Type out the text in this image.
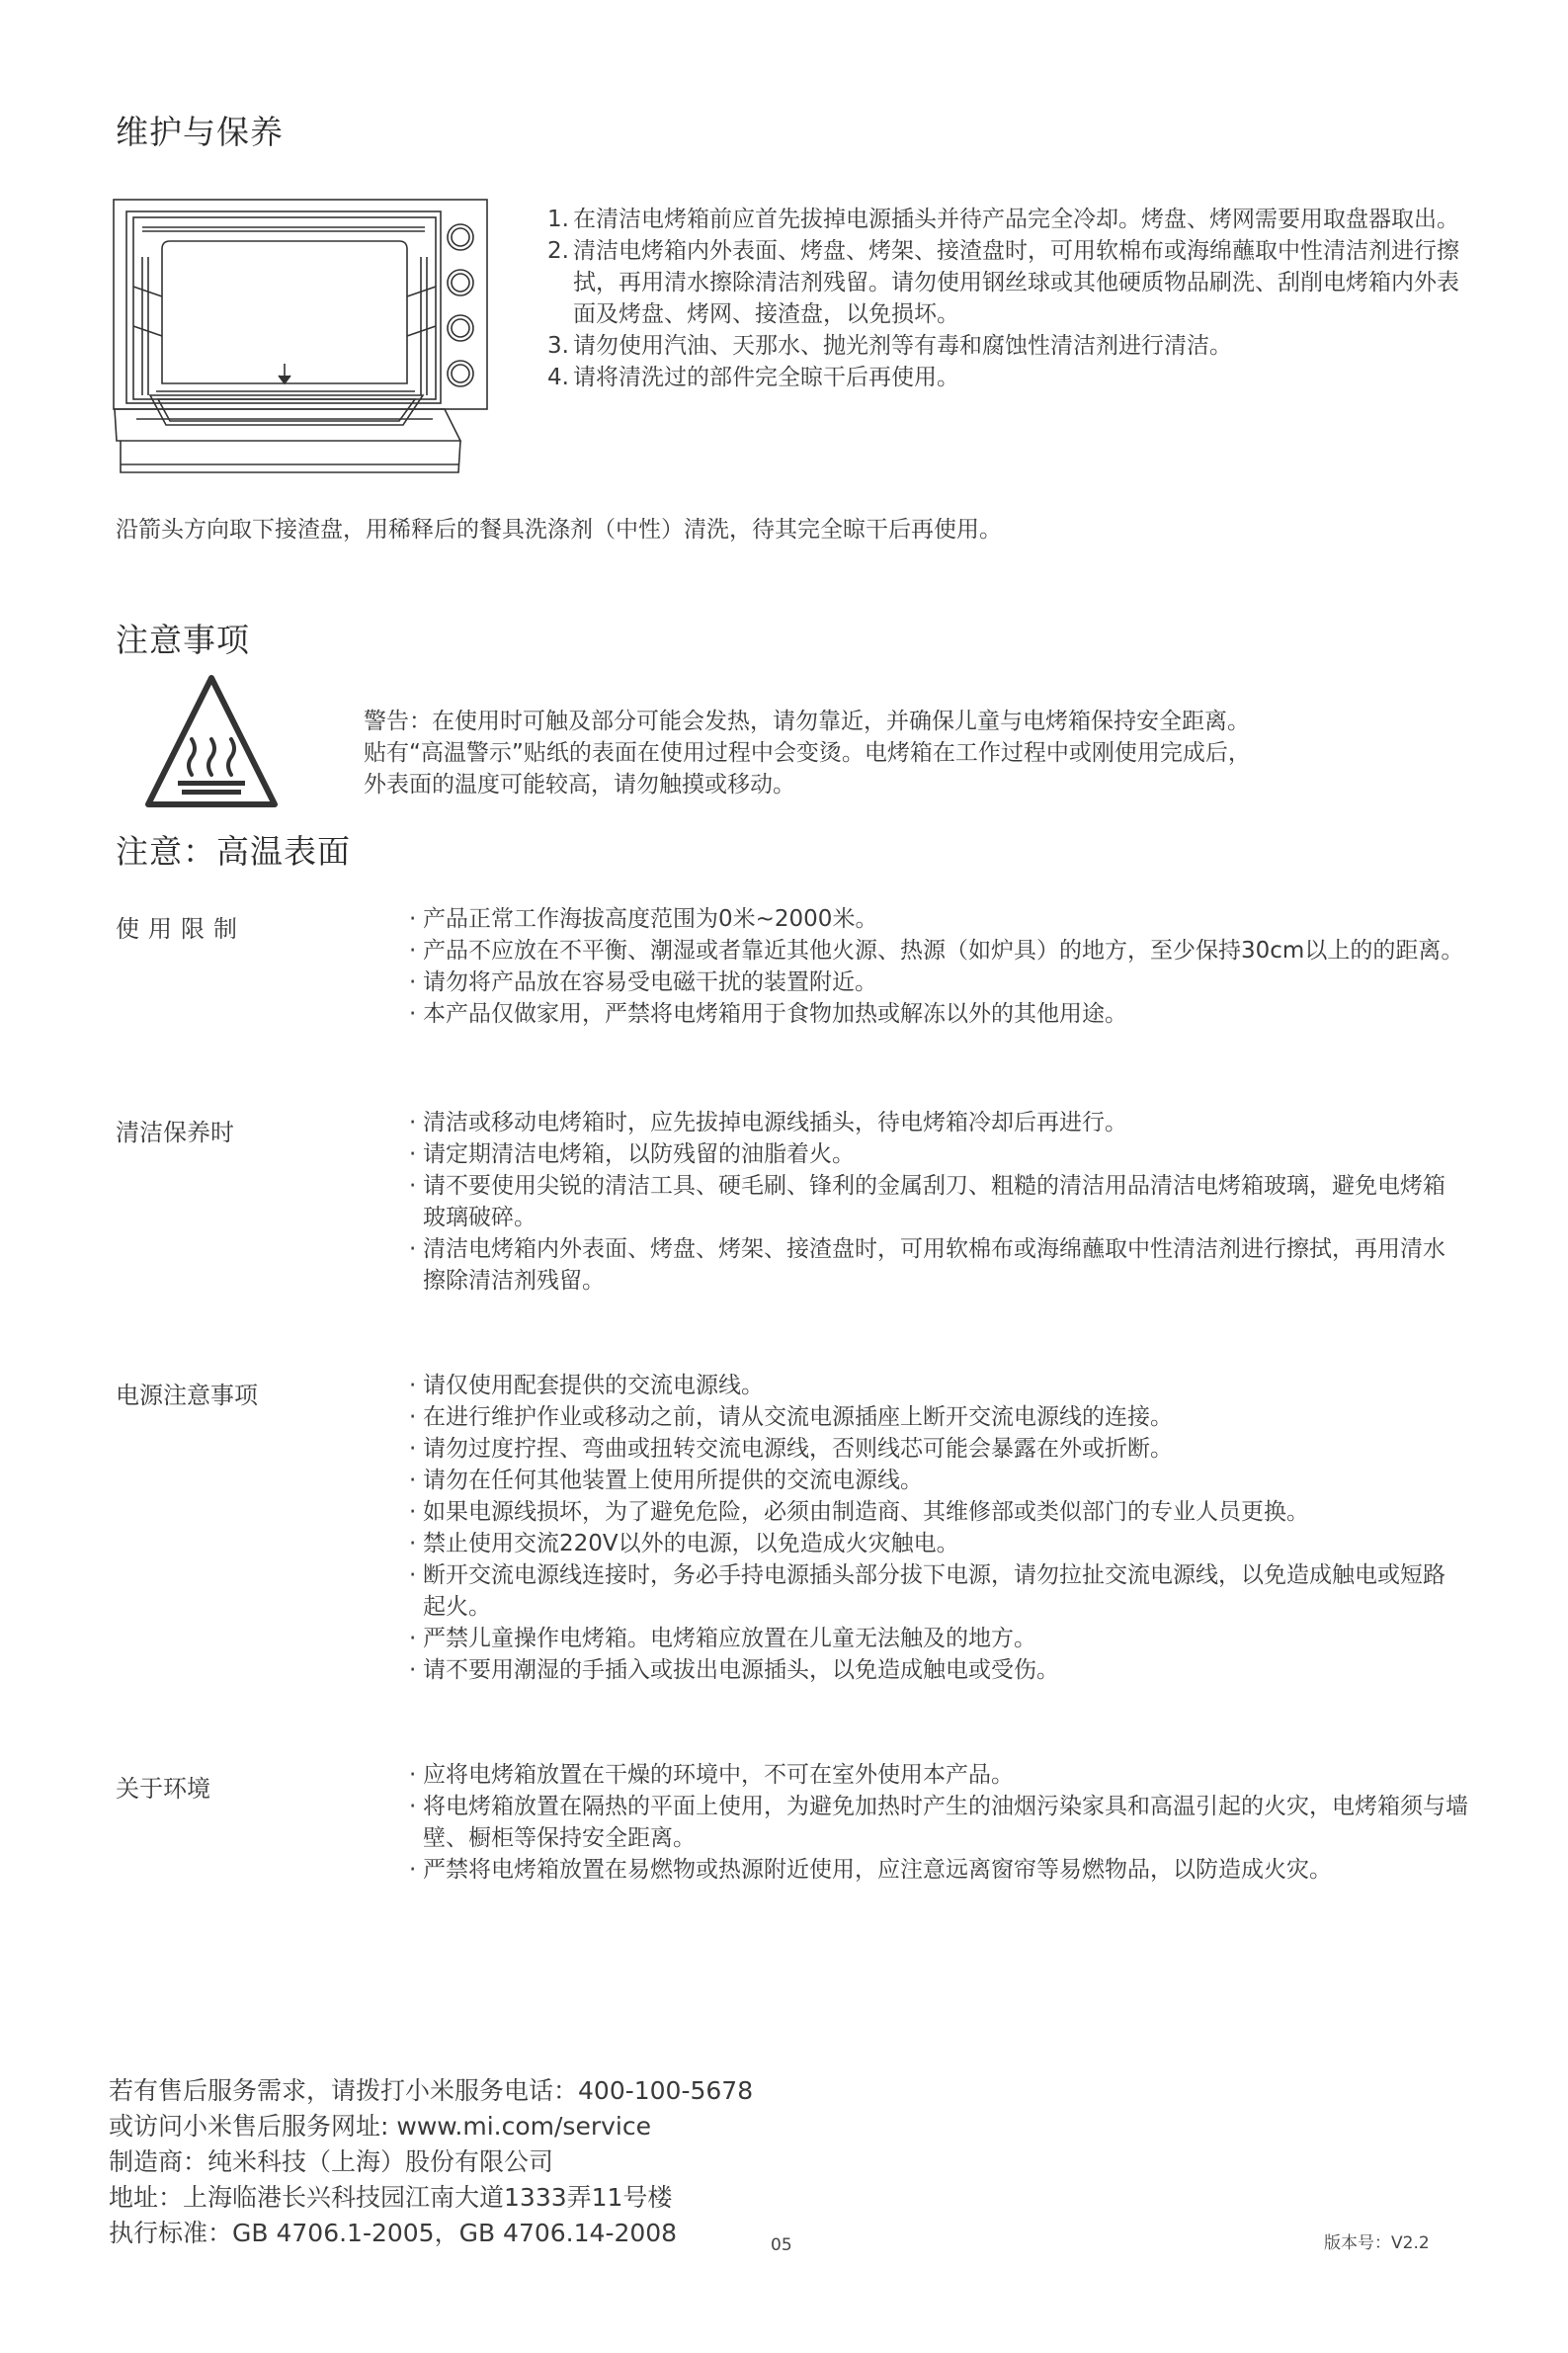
维护与保养
1. 在清洁电烤箱前应首先拔掉电源插头并待产品完全冷却。烤盘、烤网需要用取盘器取出。
2. 清洁电烤箱内外表面、烤盘、烤架、接渣盘时，可用软棉布或海绵蘸取中性清洁剂进行擦拭，再用清水擦除清洁剂残留。请勿使用钢丝球或其他硬质物品刷洗、刮削电烤箱内外表面及烤盘、烤网、接渣盘，以免损坏。
3. 请勿使用汽油、天那水、抛光剂等有毒和腐蚀性清洁剂进行清洁。
4. 请将清洗过的部件完全晾干后再使用。
沿箭头方向取下接渣盘，用稀释后的餐具洗涤剂（中性）清洗，待其完全晾干后再使用。
注意事项
警告：在使用时可触及部分可能会发热，请勿靠近，并确保儿童与电烤箱保持安全距离。
贴有“高温警示”贴纸的表面在使用过程中会变烫。电烤箱在工作过程中或刚使用完成后，
外表面的温度可能较高，请勿触摸或移动。
注意：高温表面
使用限制	· 产品正常工作海拔高度范围为0米~2000米。
· 产品不应放在不平衡、潮湿或者靠近其他火源、热源（如炉具）的地方，至少保持30cm以上的的距离。
· 请勿将产品放在容易受电磁干扰的装置附近。
· 本产品仅做家用，严禁将电烤箱用于食物加热或解冻以外的其他用途。
清洁保养时	· 清洁或移动电烤箱时，应先拔掉电源线插头，待电烤箱冷却后再进行。
· 请定期清洁电烤箱，以防残留的油脂着火。
· 请不要使用尖锐的清洁工具、硬毛刷、锋利的金属刮刀、粗糙的清洁用品清洁电烤箱玻璃，避免电烤箱玻璃破碎。
· 清洁电烤箱内外表面、烤盘、烤架、接渣盘时，可用软棉布或海绵蘸取中性清洁剂进行擦拭，再用清水擦除清洁剂残留。
电源注意事项	· 请仅使用配套提供的交流电源线。
· 在进行维护作业或移动之前，请从交流电源插座上断开交流电源线的连接。
· 请勿过度拧捏、弯曲或扭转交流电源线，否则线芯可能会暴露在外或折断。
· 请勿在任何其他装置上使用所提供的交流电源线。
· 如果电源线损坏，为了避免危险，必须由制造商、其维修部或类似部门的专业人员更换。
· 禁止使用交流220V以外的电源，以免造成火灾触电。
· 断开交流电源线连接时，务必手持电源插头部分拔下电源，请勿拉扯交流电源线，以免造成触电或短路起火。
· 严禁儿童操作电烤箱。电烤箱应放置在儿童无法触及的地方。
· 请不要用潮湿的手插入或拔出电源插头，以免造成触电或受伤。
关于环境	· 应将电烤箱放置在干燥的环境中，不可在室外使用本产品。
· 将电烤箱放置在隔热的平面上使用，为避免加热时产生的油烟污染家具和高温引起的火灾，电烤箱须与墙壁、橱柜等保持安全距离。
· 严禁将电烤箱放置在易燃物或热源附近使用，应注意远离窗帘等易燃物品，以防造成火灾。
若有售后服务需求，请拨打小米服务电话：400-100-5678
或访问小米售后服务网址: www.mi.com/service
制造商：纯米科技（上海）股份有限公司
地址：上海临港长兴科技园江南大道1333弄11号楼
执行标准：GB 4706.1-2005，GB 4706.14-2008	05	版本号：V2.2
